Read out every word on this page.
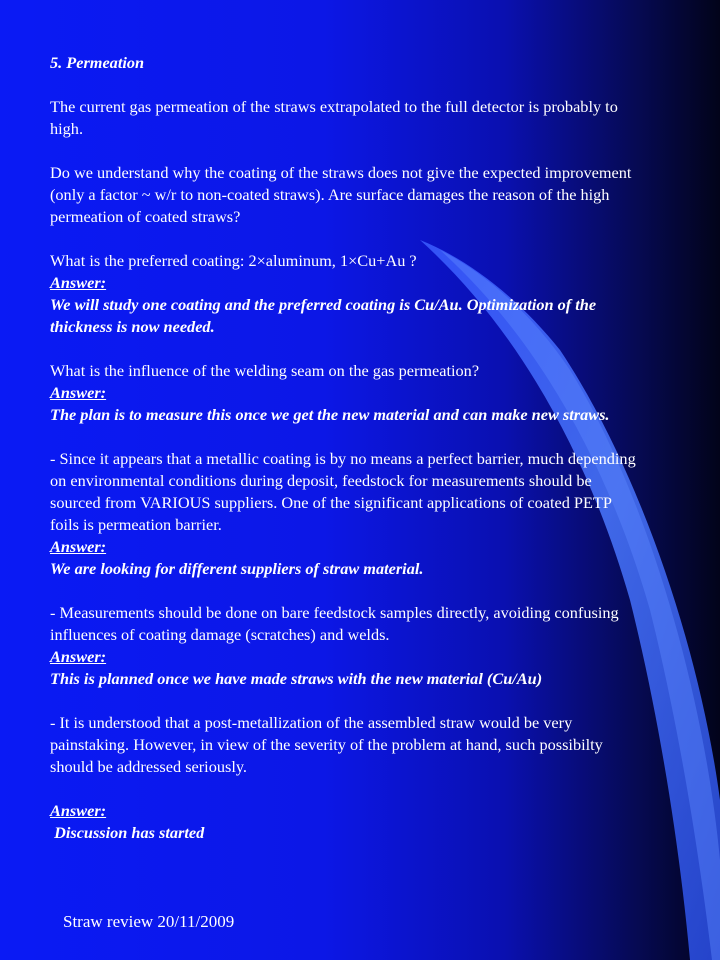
5. Permeation

The current gas permeation of the straws extrapolated to the full detector is probably to

high.

Do we understand why the coating of the straws does not give the expected improvement

(only a factor ~ w/r to non-coated straws). Are surface damages the reason of the high

permeation of coated straws?

What is the preferred coating: 2×aluminum, 1×Cu+Au ?

Answer:

We will study one coating and the preferred coating is Cu/Au. Optimization of the

thickness is now needed.

What is the influence of the welding seam on the gas permeation?

Answer:

The plan is to measure this once we get the new material and can make new straws.

- Since it appears that a metallic coating is by no means a perfect barrier, much depending

on environmental conditions during deposit, feedstock for measurements should be

sourced from VARIOUS suppliers. One of the significant applications of coated PETP

foils is permeation barrier.

Answer:

We are looking for different suppliers of straw material.

- Measurements should be done on bare feedstock samples directly, avoiding confusing

influences of coating damage (scratches) and welds.

Answer:

This is planned once we have made straws with the new material (Cu/Au)

- It is understood that a post-metallization of the assembled straw would be very

painstaking. However, in view of the severity of the problem at hand, such possibilty

should be addressed seriously.

Answer:

Discussion has started

Straw review 20/11/2009
